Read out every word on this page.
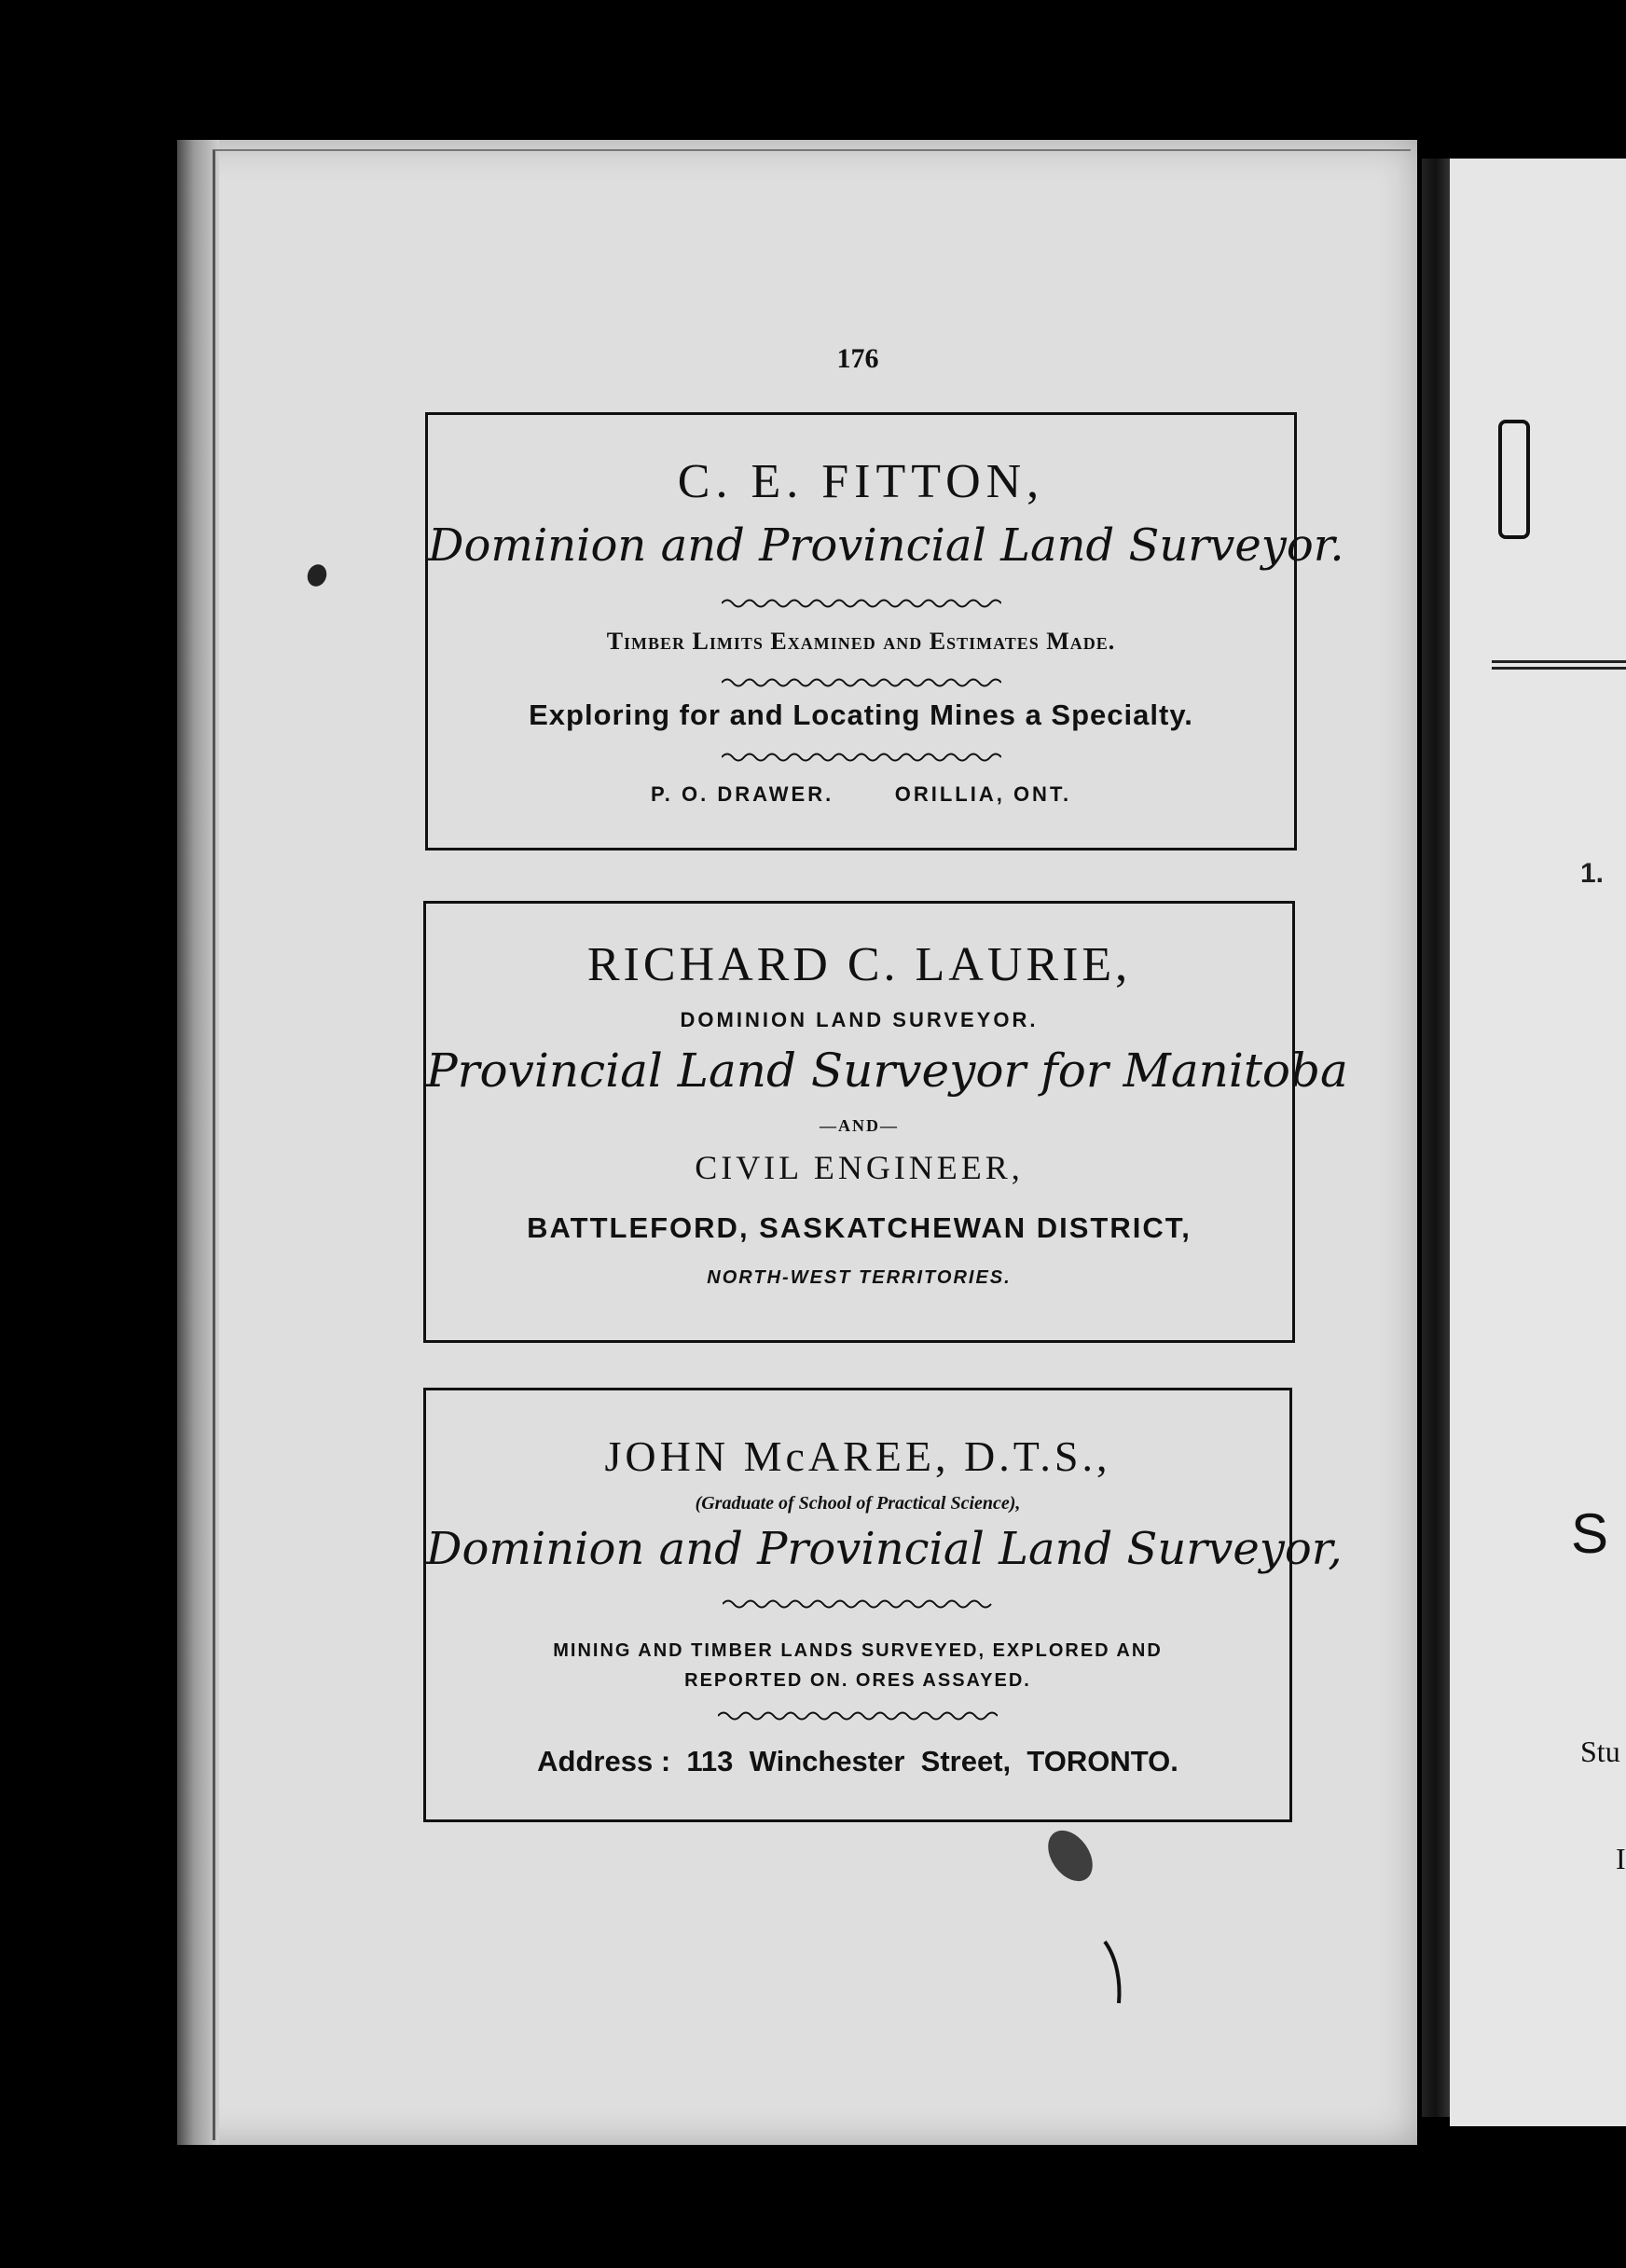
1.
S
Stu
I
176
C. E. FITTON,
Dominion and Provincial Land Surveyor.
Timber Limits Examined and Estimates Made.
Exploring for and Locating Mines a Specialty.
P. O. DRAWER.	ORILLIA, ONT.
RICHARD C. LAURIE,
DOMINION LAND SURVEYOR.
Provincial Land Surveyor for Manitoba
—AND—
CIVIL ENGINEER,
BATTLEFORD, SASKATCHEWAN DISTRICT,
NORTH-WEST TERRITORIES.
JOHN McAREE, D.T.S.,
(Graduate of School of Practical Science),
Dominion and Provincial Land Surveyor,
MINING AND TIMBER LANDS SURVEYED, EXPLORED AND
REPORTED ON. ORES ASSAYED.
Address :  113  Winchester  Street,  TORONTO.
